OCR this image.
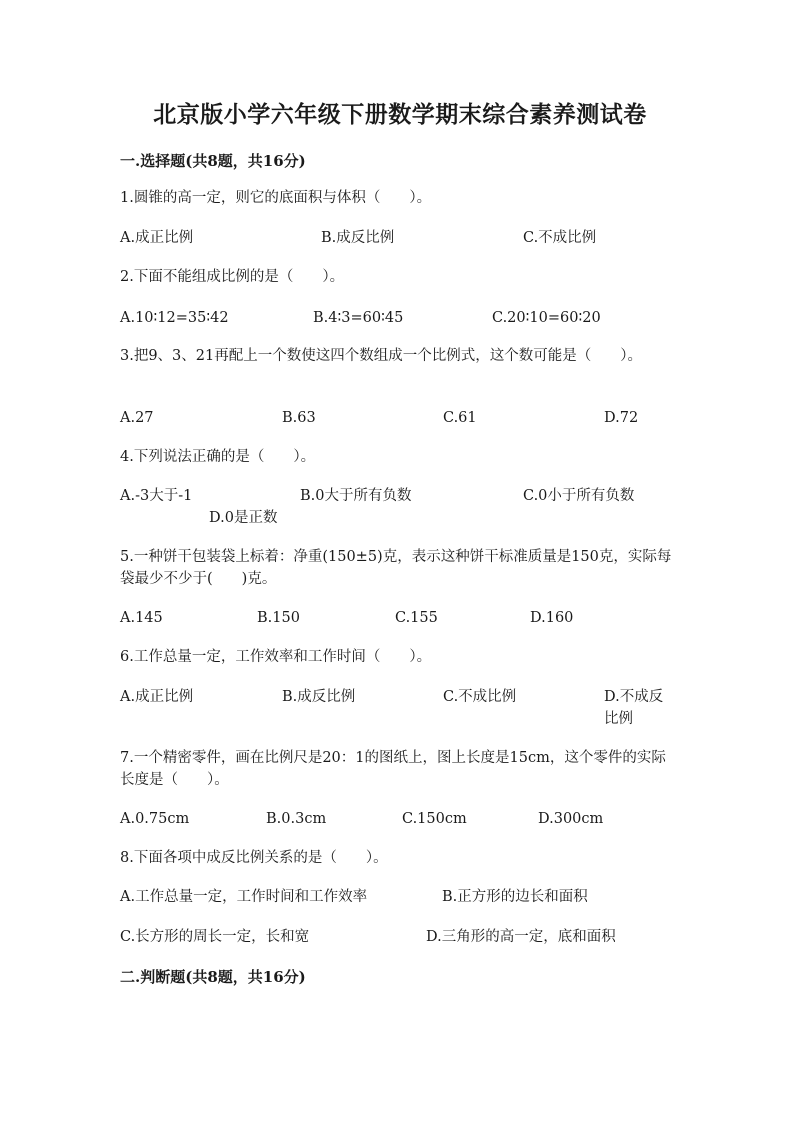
北京版小学六年级下册数学期末综合素养测试卷
一.选择题(共8题，共16分)
1.圆锥的高一定，则它的底面积与体积（　　）。
A.成正比例	B.成反比例	C.不成比例
2.下面不能组成比例的是（　　）。
A.10∶12=35∶42	B.4∶3=60∶45	C.20∶10=60∶20
3.把9、3、21再配上一个数使这四个数组成一个比例式，这个数可能是（　　）。
A.27	B.63	C.61	D.72
4.下列说法正确的是（　　）。
A.-3大于-1	B.0大于所有负数	C.0小于所有负数
D.0是正数
5.一种饼干包装袋上标着：净重(150±5)克，表示这种饼干标准质量是150克，实际每袋最少不少于(　　)克。
A.145	B.150	C.155	D.160
6.工作总量一定，工作效率和工作时间（　　）。
A.成正比例	B.成反比例	C.不成比例	D.不成反比例
7.一个精密零件，画在比例尺是20：1的图纸上，图上长度是15cm，这个零件的实际长度是（　　）。
A.0.75cm	B.0.3cm	C.150cm	D.300cm
8.下面各项中成反比例关系的是（　　）。
A.工作总量一定，工作时间和工作效率	B.正方形的边长和面积
C.长方形的周长一定，长和宽	D.三角形的高一定，底和面积
二.判断题(共8题，共16分)
